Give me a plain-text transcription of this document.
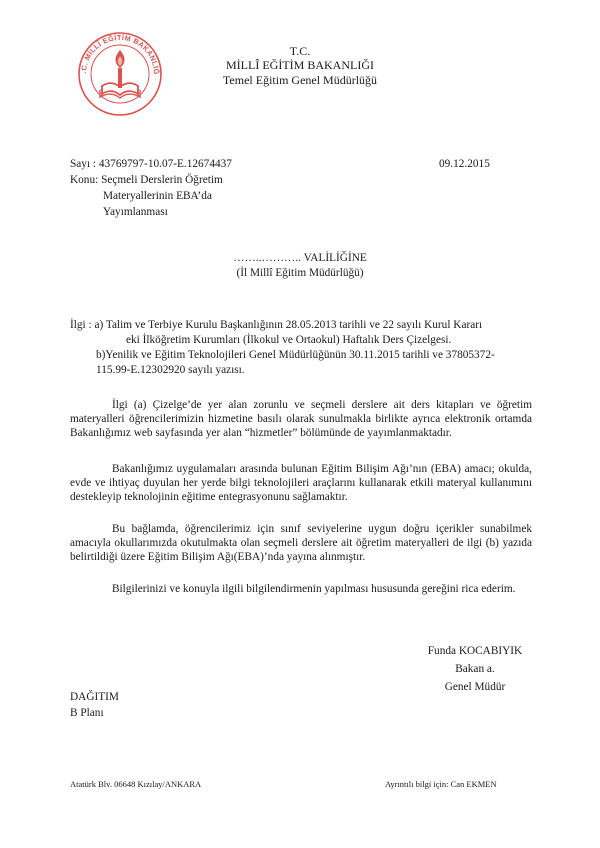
.C. MİLLÎ EĞİTİM BAKANLIĞ
T.C.
MİLLÎ EĞİTİM BAKANLIĞI
Temel Eğitim Genel Müdürlüğü
Sayı : 43769797-10.07-E.12674437	09.12.2015
Konu: Seçmeli Derslerin Öğretim
Materyallerinin EBA’da
Yayımlanması
……..……….. VALİLİĞİNE
(İl Millî Eğitim Müdürlüğü)
İlgi : a) Talim ve Terbiye Kurulu Başkanlığının 28.05.2013 tarihli ve 22 sayılı Kurul Kararı
eki İlköğretim Kurumları (İlkokul ve Ortaokul) Haftalık Ders Çizelgesi.
b)Yenilik ve Eğitim Teknolojileri Genel Müdürlüğünün 30.11.2015 tarihli ve 37805372-
115.99-E.12302920 sayılı yazısı.

İlgi (a) Çizelge’de yer alan zorunlu ve seçmeli derslere ait ders kitapları ve öğretim materyalleri öğrencilerimizin hizmetine basılı olarak sunulmakla birlikte ayrıca elektronik ortamda Bakanlığımız web sayfasında yer alan “hizmetler” bölümünde de yayımlanmaktadır.

Bakanlığımız uygulamaları arasında bulunan Eğitim Bilişim Ağı’nın (EBA) amacı; okulda, evde ve ihtiyaç duyulan her yerde bilgi teknolojileri araçlarını kullanarak etkili materyal kullanımını destekleyip teknolojinin eğitime entegrasyonunu sağlamaktır.

Bu bağlamda, öğrencilerimiz için sınıf seviyelerine uygun doğru içerikler sunabilmek amacıyla okullarımızda okutulmakta olan seçmeli derslere ait öğretim materyalleri de ilgi (b) yazıda belirtildiği üzere Eğitim Bilişim Ağı(EBA)’nda yayına alınmıştır.

Bilgilerinizi ve konuyla ilgili bilgilendirmenin yapılması hususunda gereğini rica ederim.

Funda KOCABIYIK
Bakan a.
Genel Müdür
DAĞITIM
B Planı
Atatürk Blv. 06648 Kızılay/ANKARA	Ayrıntılı bilgi için: Can EKMEN
